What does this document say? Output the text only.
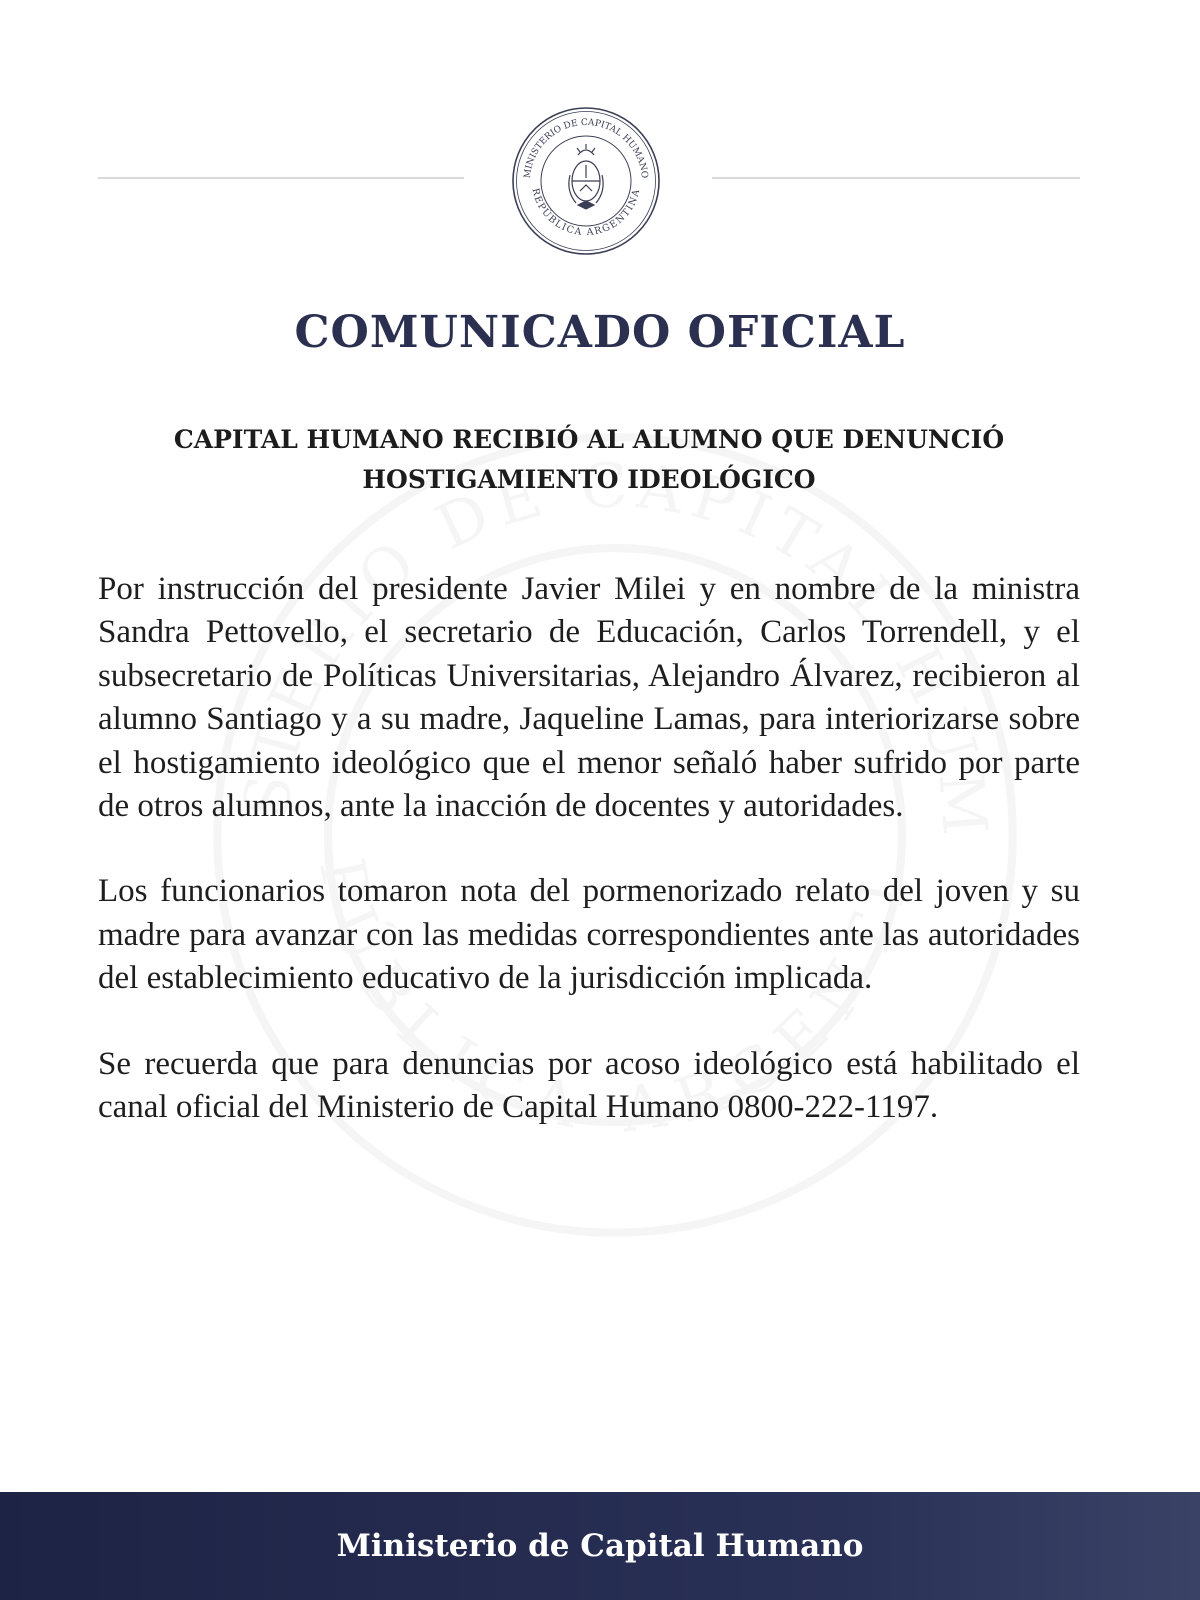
MINISTERIO DE CAPITAL HUMANO
REPÚBLICA ARGENTINA
COMUNICADO OFICIAL
CAPITAL HUMANO RECIBIÓ AL ALUMNO QUE DENUNCIÓ
HOSTIGAMIENTO IDEOLÓGICO

Por instrucción del presidente Javier Milei y en nombre de la ministra Sandra Pettovello, el secretario de Educación, Carlos Torrendell, y el subsecretario de Políticas Universitarias, Alejandro Álvarez, recibieron al alumno Santiago y a su madre, Jaqueline Lamas, para interiorizarse sobre el hostigamiento ideológico que el menor señaló haber sufrido por parte de otros alumnos, ante la inacción de docentes y autoridades.

Los funcionarios tomaron nota del pormenorizado relato del joven y su madre para avanzar con las medidas correspondientes ante las autoridades del establecimiento educativo de la jurisdicción implicada.

Se recuerda que para denuncias por acoso ideológico está habilitado el canal oficial del Ministerio de Capital Humano 0800-222-1197.

Ministerio de Capital Humano
